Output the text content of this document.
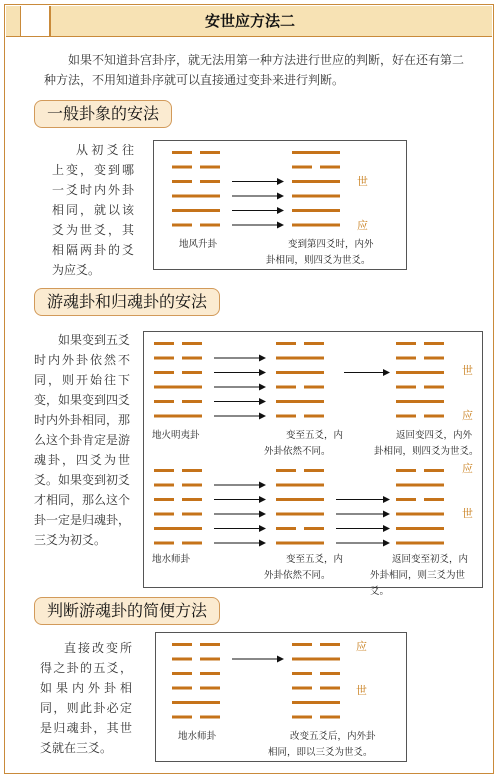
安世应方法二
如果不知道卦宫卦序，就无法用第一种方法进行世应的判断，好在还有第二种方法，不用知道卦序就可以直接通过变卦来进行判断。
一般卦象的安法
从初爻往上变，变到哪一爻时内外卦相同，就以该爻为世爻，其相隔两卦的爻为应爻。
世
应
地风升卦	变到第四爻时，内外
卦相同，则四爻为世爻。
游魂卦和归魂卦的安法
如果变到五爻时内外卦依然不同，则开始往下变，如果变到四爻时内外卦相同，那么这个卦肯定是游魂卦，四爻为世爻。如果变到初爻才相同，那么这个卦一定是归魂卦，三爻为初爻。
世
应
地火明夷卦	变至五爻，内
外卦依然不同。
返回变四爻，内外
卦相同，则四爻为世爻。
应
世
地水师卦	变至五爻，内
外卦依然不同。
返回变至初爻，内
外卦相同，则三爻为世爻。
判断游魂卦的简便方法
直接改变所得之卦的五爻，如果内外卦相同，则此卦必定是归魂卦，其世爻就在三爻。
应
世
地水师卦	改变五爻后，内外卦
相同，即以三爻为世爻。
